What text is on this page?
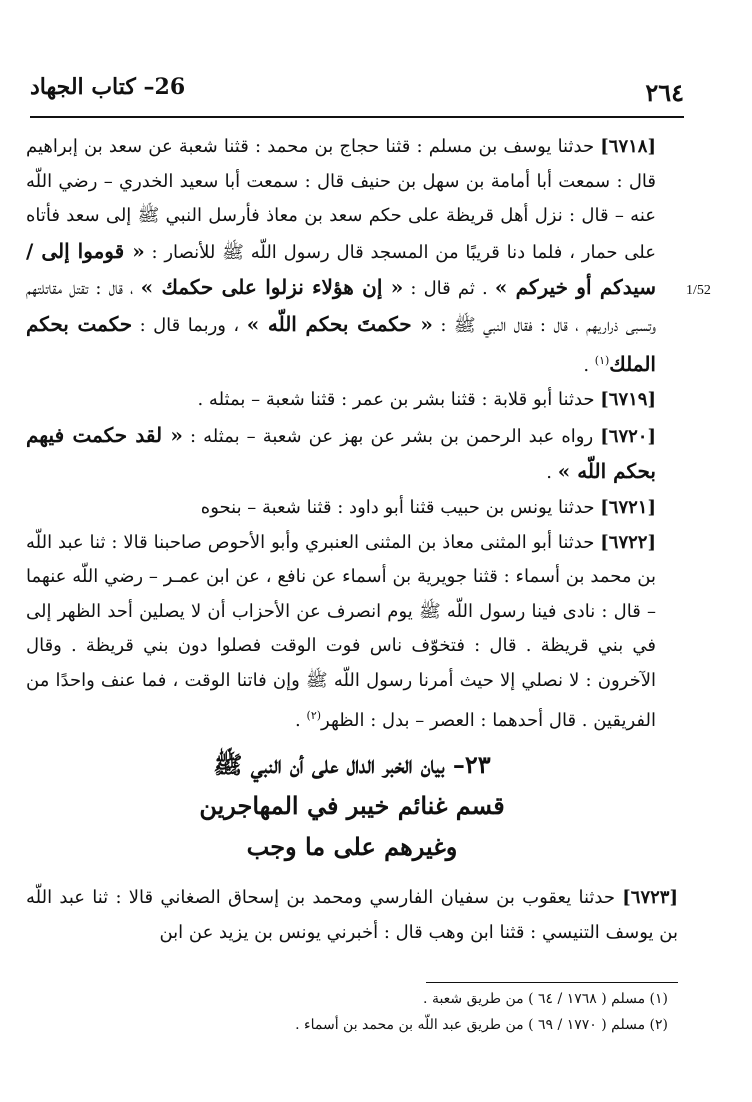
٢٦٤
26– كتاب الجهاد
1/52

[٦٧١٨] حدثنا يوسف بن مسلم : قثنا حجاج بن محمد : قثنا شعبة عن سعد بن إبراهيم قال : سمعت أبا أمامة بن سهل بن حنيف قال : سمعت أبا سعيد الخدري – رضي اللّه عنه – قال : نزل أهل قريظة على حكم سعد بن معاذ فأرسل النبي ﷺ إلى سعد فأتاه على حمار ، فلما دنا قريبًا من المسجد قال رسول اللّه ﷺ للأنصار : « قوموا إلى / سيدكم أو خيركم » . ثم قال : « إن هؤلاء نزلوا على حكمك » ، قال : تقتل مقاتلتهم وتسبى ذراريهم ، قال : فقال النبي ﷺ : « حكمتَ بحكم اللّه » ، وربما قال : حكمت بحكم الملك$^{(١)}$ .

[٦٧١٩] حدثنا أبو قلابة : قثنا بشر بن عمر : قثنا شعبة – بمثله .

[٦٧٢٠] رواه عبد الرحمن بن بشر عن بهز عن شعبة – بمثله : « لقد حكمت فيهم بحكم اللّه » .

[٦٧٢١] حدثنا يونس بن حبيب قثنا أبو داود : قثنا شعبة – بنحوه

[٦٧٢٢] حدثنا أبو المثنى معاذ بن المثنى العنبري وأبو الأحوص صاحبنا قالا : ثنا عبد اللّه بن محمد بن أسماء : قثنا جويرية بن أسماء عن نافع ، عن ابن عمـر – رضي اللّه عنهما – قال : نادى فينا رسول اللّه ﷺ يوم انصرف عن الأحزاب أن لا يصلين أحد الظهر إلى في بني قريظة . قال : فتخوّف ناس فوت الوقت فصلوا دون بني قريظة . وقال الآخرون : لا نصلي إلا حيث أمرنا رسول اللّه ﷺ وإن فاتنا الوقت ، فما عنف واحدًا من الفريقين . قال أحدهما : العصر – بدل : الظهر$^{(٢)}$ .

٢٣– بيان الخبر الدال على أن النبي ﷺ
قسم غنائم خيبر في المهاجرين
وغيرهم على ما وجب

[٦٧٢٣] حدثنا يعقوب بن سفيان الفارسي ومحمد بن إسحاق الصغاني قالا : ثنا عبد اللّه بن يوسف التنيسي : قثنا ابن وهب قال : أخبرني يونس بن يزيد عن ابن

(١) مسلم ( ١٧٦٨ / ٦٤ ) من طريق شعبة .

(٢) مسلم ( ١٧٧٠ / ٦٩ ) من طريق عبد اللّه بن محمد بن أسماء .
